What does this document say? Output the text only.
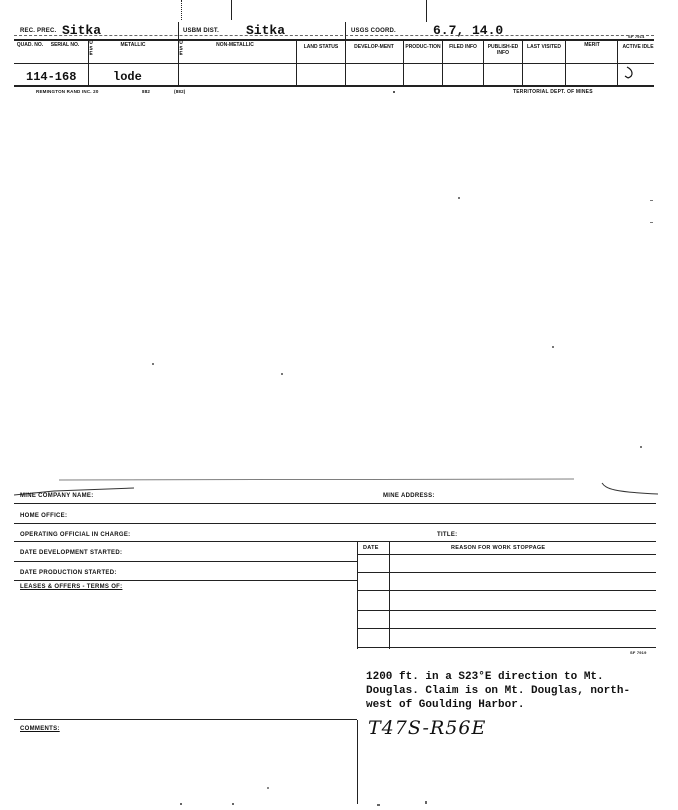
REC. PREC. Sitka	USBM DIST. Sitka	USGS COORD.	6.7, 14.0	SF 7914
QUAD. NO. SERIAL NO. U S E
METALLIC	U S E
NON-METALLIC	LAND STATUS	DEVELOP-MENT	PRODUC-TION	FILED INFO	PUBLISH-ED INFO
LAST VISITED	MERIT	ACTIVE IDLE
114-168	lode
REMINGTON RAND INC. 20	882	(882)	TERRITORIAL DEPT. OF MINES
MINE COMPANY NAME:	MINE ADDRESS:
HOME OFFICE:
OPERATING OFFICIAL IN CHARGE:	TITLE:
DATE	REASON FOR WORK STOPPAGE
SF 7919
DATE DEVELOPMENT STARTED:
DATE PRODUCTION STARTED:
LEASES & OFFERS - TERMS OF:
1200 ft. in a S23°E direction to Mt.
Douglas. Claim is on Mt. Douglas, north-
west of Goulding Harbor.
T47S-R56E
COMMENTS:
